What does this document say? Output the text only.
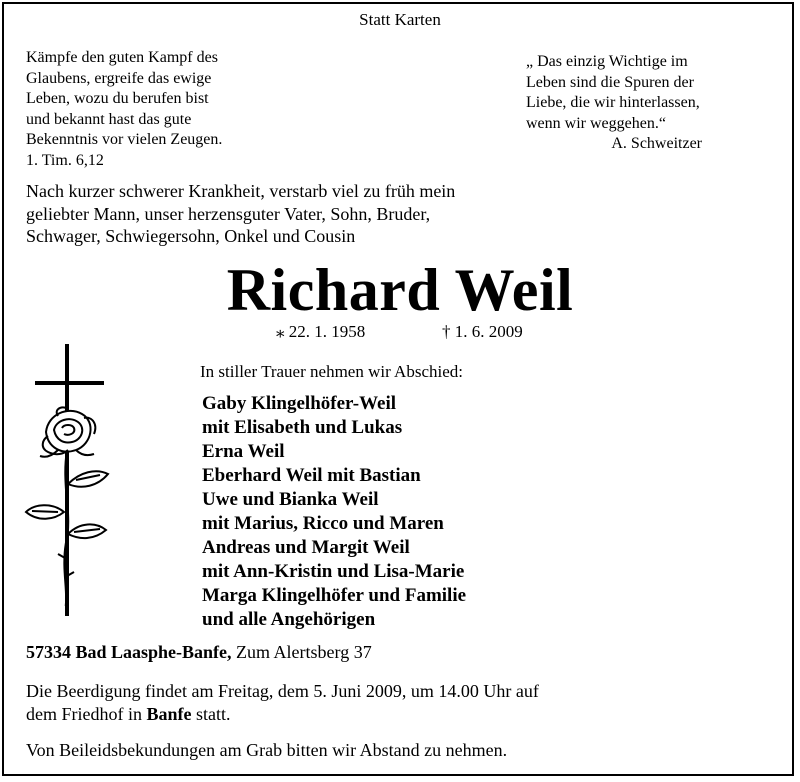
Statt Karten
Kämpfe den guten Kampf des
Glaubens, ergreife das ewige
Leben, wozu du berufen bist
und bekannt hast das gute
Bekenntnis vor vielen Zeugen.
1. Tim. 6,12
„ Das einzig Wichtige im
Leben sind die Spuren der
Liebe, die wir hinterlassen,
wenn wir weggehen.“
A. Schweitzer
Nach kurzer schwerer Krankheit, verstarb viel zu früh mein
geliebter Mann, unser herzensguter Vater, Sohn, Bruder,
Schwager, Schwiegersohn, Onkel und Cousin
Richard Weil
⁎ 22. 1. 1958	† 1. 6. 2009
In stiller Trauer nehmen wir Abschied:
Gaby Klingelhöfer-Weil
mit Elisabeth und Lukas
Erna Weil
Eberhard Weil mit Bastian
Uwe und Bianka Weil
mit Marius, Ricco und Maren
Andreas und Margit Weil
mit Ann-Kristin und Lisa-Marie
Marga Klingelhöfer und Familie
und alle Angehörigen
57334 Bad Laasphe-Banfe, Zum Alertsberg 37
Die Beerdigung findet am Freitag, dem 5. Juni 2009, um 14.00 Uhr auf
dem Friedhof in Banfe statt.
Von Beileidsbekundungen am Grab bitten wir Abstand zu nehmen.
